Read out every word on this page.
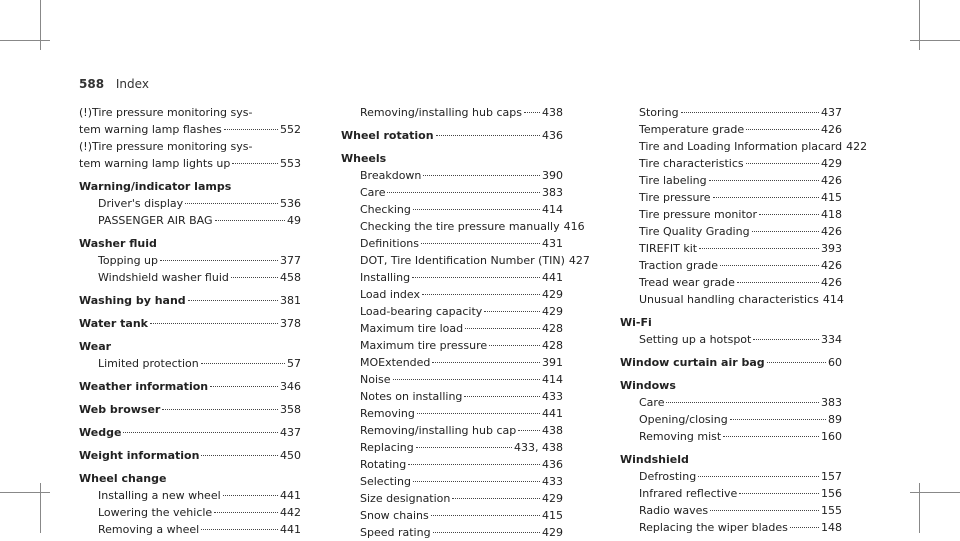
588 Index
(!)Tire pressure monitoring sys-
tem warning lamp flashes	552
(!)Tire pressure monitoring sys-
tem warning lamp lights up	553
Warning/indicator lamps
Driver's display	536
PASSENGER AIR BAG	49
Washer fluid
Topping up	377
Windshield washer fluid	458
Washing by hand	381
Water tank	378
Wear
Limited protection	57
Weather information	346
Web browser	358
Wedge	437
Weight information	450
Wheel change
Installing a new wheel	441
Lowering the vehicle	442
Removing a wheel	441
Removing/installing hub caps 438
Wheel rotation	436
Wheels
Breakdown	390
Care	383
Checking	414
Checking the tire pressure manually 416
Definitions	431
DOT, Tire Identification Number (TIN) 427
Installing	441
Load index	429
Load-bearing capacity	429
Maximum tire load	428
Maximum tire pressure	428
MOExtended	391
Noise	414
Notes on installing	433
Removing	441
Removing/installing hub cap 438
Replacing	433, 438
Rotating	436
Selecting	433
Size designation	429
Snow chains	415
Speed rating	429
Storing	437
Temperature grade	426
Tire and Loading Information placard 422
Tire characteristics	429
Tire labeling	426
Tire pressure	415
Tire pressure monitor	418
Tire Quality Grading	426
TIREFIT kit	393
Traction grade	426
Tread wear grade	426
Unusual handling characteristics 414
Wi-Fi
Setting up a hotspot	334
Window curtain air bag	60
Windows
Care	383
Opening/closing	89
Removing mist	160
Windshield
Defrosting	157
Infrared reflective	156
Radio waves	155
Replacing the wiper blades	148
